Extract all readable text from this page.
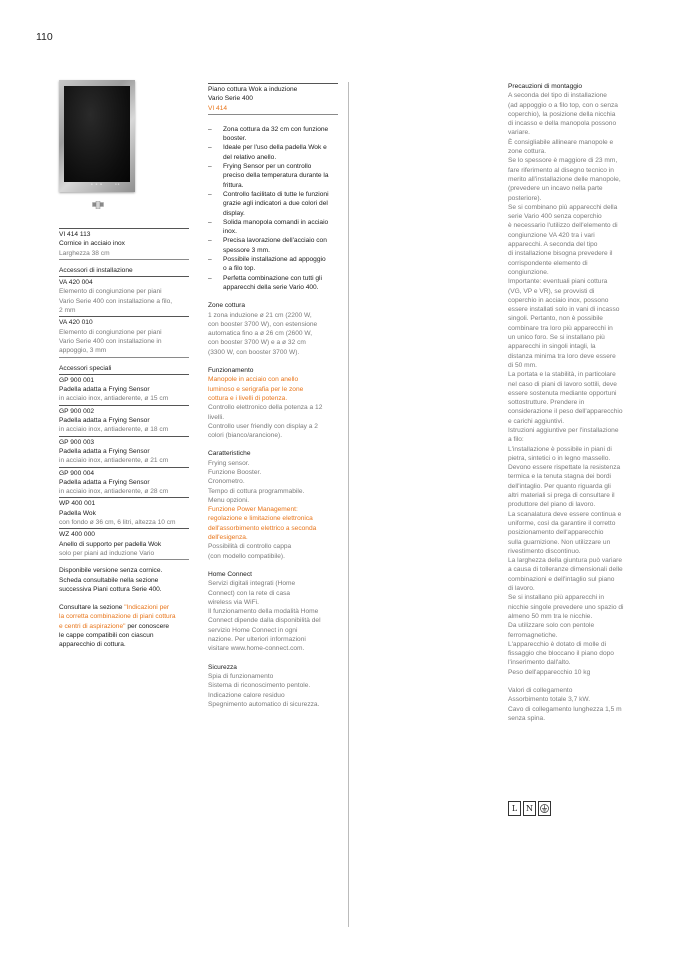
110
■ ■ ■	● ●
VI 414 113
Cornice in acciaio inox
Larghezza 38 cm
Accessori di installazione
VA 420 004
Elemento di congiunzione per piani
Vario Serie 400 con installazione a filo,
2 mm
VA 420 010
Elemento di congiunzione per piani
Vario Serie 400 con installazione in
appoggio, 3 mm
Accessori speciali
GP 900 001
Padella adatta a Frying Sensor
in acciaio inox, antiaderente, ø 15 cm
GP 900 002
Padella adatta a Frying Sensor
in acciaio inox, antiaderente, ø 18 cm
GP 900 003
Padella adatta a Frying Sensor
in acciaio inox, antiaderente, ø 21 cm
GP 900 004
Padella adatta a Frying Sensor
in acciaio inox, antiaderente, ø 28 cm
WP 400 001
Padella Wok
con fondo ø 36 cm, 6 litri, altezza 10 cm
WZ 400 000
Anello di supporto per padella Wok
solo per piani ad induzione Vario
Disponibile versione senza cornice.
Scheda consultabile nella sezione
successiva Piani cottura Serie 400.
Consultare la sezione "Indicazioni per
la corretta combinazione di piani cottura
e centri di aspirazione" per conoscere
le cappe compatibili con ciascun
apparecchio di cottura.
Piano cottura Wok a induzione
Vario Serie 400
VI 414
– Zona cottura da 32 cm con funzione
booster.
– Ideale per l'uso della padella Wok e
del relativo anello.
– Frying Sensor per un controllo
preciso della temperatura durante la
frittura.
– Controllo facilitato di tutte le funzioni
grazie agli indicatori a due colori del
display.
– Solida manopola comandi in acciaio
inox.
– Precisa lavorazione dell'acciaio con
spessore 3 mm.
– Possibile installazione ad appoggio
o a filo top.
– Perfetta combinazione con tutti gli
apparecchi della serie Vario 400.
Zone cottura
1 zona induzione ø 21 cm (2200 W,
con booster 3700 W), con estensione
automatica fino a ø 26 cm (2600 W,
con booster 3700 W) e a ø 32 cm
(3300 W, con booster 3700 W).
Funzionamento
Manopole in acciaio con anello
luminoso e serigrafia per le zone
cottura e i livelli di potenza.
Controllo elettronico della potenza a 12
livelli.
Controllo user friendly con display a 2
colori (bianco/arancione).
Caratteristiche
Frying sensor.
Funzione Booster.
Cronometro.
Tempo di cottura programmabile.
Menu opzioni.
Funzione Power Management:
regolazione e limitazione elettronica
dell'assorbimento elettrico a seconda
dell'esigenza.
Possibilità di controllo cappa
(con modello compatibile).
Home Connect
Servizi digitali integrati (Home
Connect) con la rete di casa
wireless via WiFi.
Il funzionamento della modalità Home
Connect dipende dalla disponibilità del
servizio Home Connect in ogni
nazione. Per ulteriori informazioni
visitare www.home-connect.com.
Sicurezza
Spia di funzionamento
Sistema di riconoscimento pentole.
Indicazione calore residuo
Spegnimento automatico di sicurezza.
Precauzioni di montaggio
A seconda del tipo di installazione
(ad appoggio o a filo top, con o senza
coperchio), la posizione della nicchia
di incasso e della manopola possono
variare.
È consigliabile allineare manopole e
zone cottura.
Se lo spessore è maggiore di 23 mm,
fare riferimento al disegno tecnico in
merito all'installazione delle manopole,
(prevedere un incavo nella parte
posteriore).
Se si combinano più apparecchi della
serie Vario 400 senza coperchio
è necessario l'utilizzo dell'elemento di
congiunzione VA 420 tra i vari
apparecchi. A seconda del tipo
di installazione bisogna prevedere il
corrispondente elemento di
congiunzione.
Importante: eventuali piani cottura
(VG, VP e VR), se provvisti di
coperchio in acciaio inox, possono
essere installati solo in vani di incasso
singoli. Pertanto, non è possibile
combinare tra loro più apparecchi in
un unico foro. Se si installano più
apparecchi in singoli intagli, la
distanza minima tra loro deve essere
di 50 mm.
La portata e la stabilità, in particolare
nel caso di piani di lavoro sottili, deve
essere sostenuta mediante opportuni
sottostrutture. Prendere in
considerazione il peso dell'apparecchio
e carichi aggiuntivi.
Istruzioni aggiuntive per l'installazione
a filo:
L'installazione è possibile in piani di
pietra, sintetici o in legno massello.
Devono essere rispettate la resistenza
termica e la tenuta stagna dei bordi
dell'intaglio. Per quanto riguarda gli
altri materiali si prega di consultare il
produttore del piano di lavoro.
La scanalatura deve essere continua e
uniforme, così da garantire il corretto
posizionamento dell'apparecchio
sulla guarnizione. Non utilizzare un
rivestimento discontinuo.
La larghezza della giuntura può variare
a causa di tolleranze dimensionali delle
combinazioni e dell'intaglio sul piano
di lavoro.
Se si installano più apparecchi in
nicchie singole prevedere uno spazio di
almeno 50 mm tra le nicchie.
Da utilizzare solo con pentole
ferromagnetiche.
L'apparecchio è dotato di molle di
fissaggio che bloccano il piano dopo
l'inserimento dall'alto.
Peso dell'apparecchio 10 kg
Valori di collegamento
Assorbimento totale 3,7 kW.
Cavo di collegamento lunghezza 1,5 m
senza spina.
L	N
